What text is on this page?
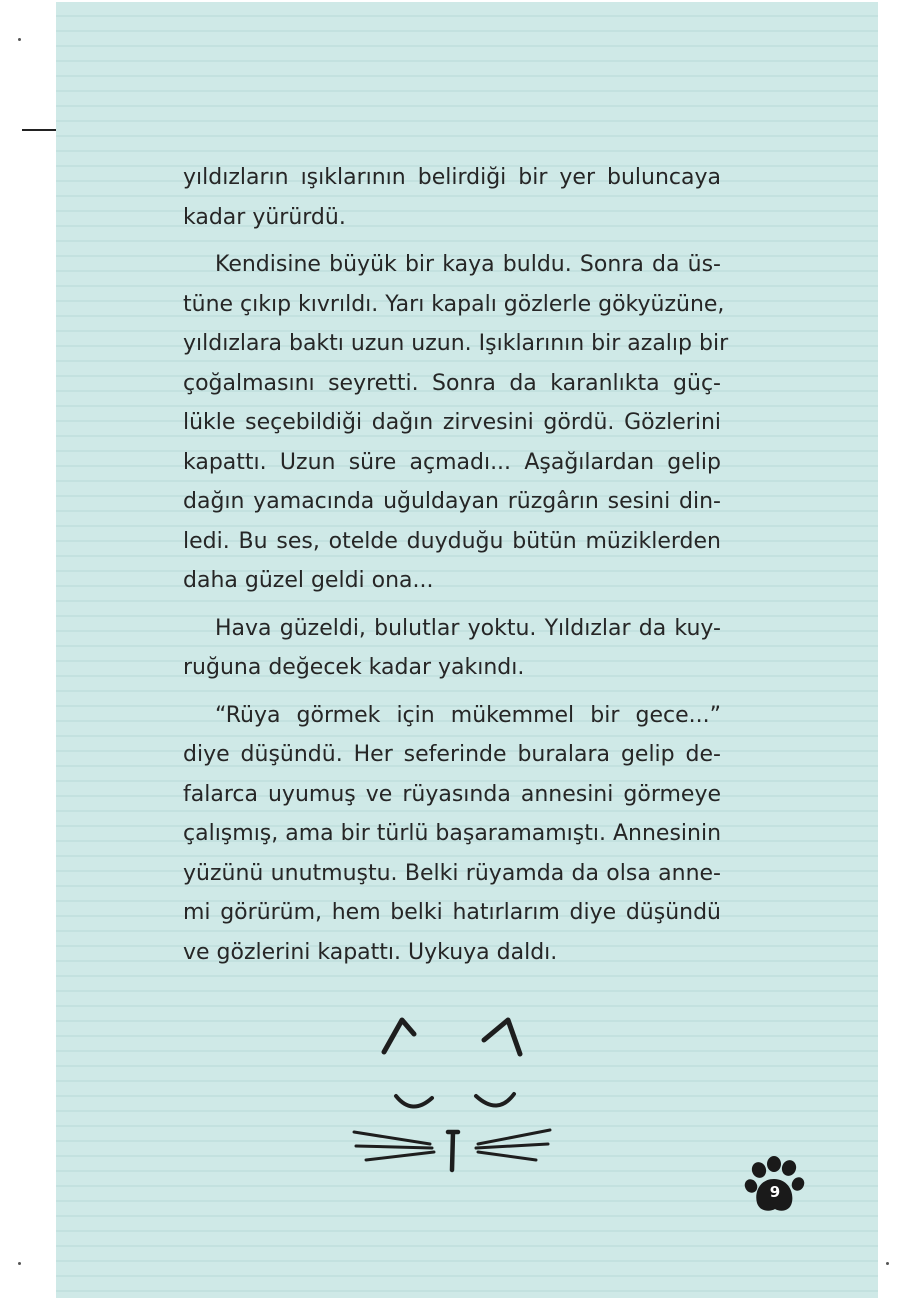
yıldızların ışıklarının belirdiği bir yer buluncaya
kadar yürürdü.
Kendisine büyük bir kaya buldu. Sonra da üs-
tüne çıkıp kıvrıldı. Yarı kapalı gözlerle gökyüzüne,
yıldızlara baktı uzun uzun. Işıklarının bir azalıp bir
çoğalmasını seyretti. Sonra da karanlıkta güç-
lükle seçebildiği dağın zirvesini gördü. Gözlerini
kapattı. Uzun süre açmadı... Aşağılardan gelip
dağın yamacında uğuldayan rüzgârın sesini din-
ledi. Bu ses, otelde duyduğu bütün müziklerden
daha güzel geldi ona...
Hava güzeldi, bulutlar yoktu. Yıldızlar da kuy-
ruğuna değecek kadar yakındı.
“Rüya görmek için mükemmel bir gece...”
diye düşündü. Her seferinde buralara gelip de-
falarca uyumuş ve rüyasında annesini görmeye
çalışmış, ama bir türlü başaramamıştı. Annesinin
yüzünü unutmuştu. Belki rüyamda da olsa anne-
mi görürüm, hem belki hatırlarım diye düşündü
ve gözlerini kapattı. Uykuya daldı.
9
